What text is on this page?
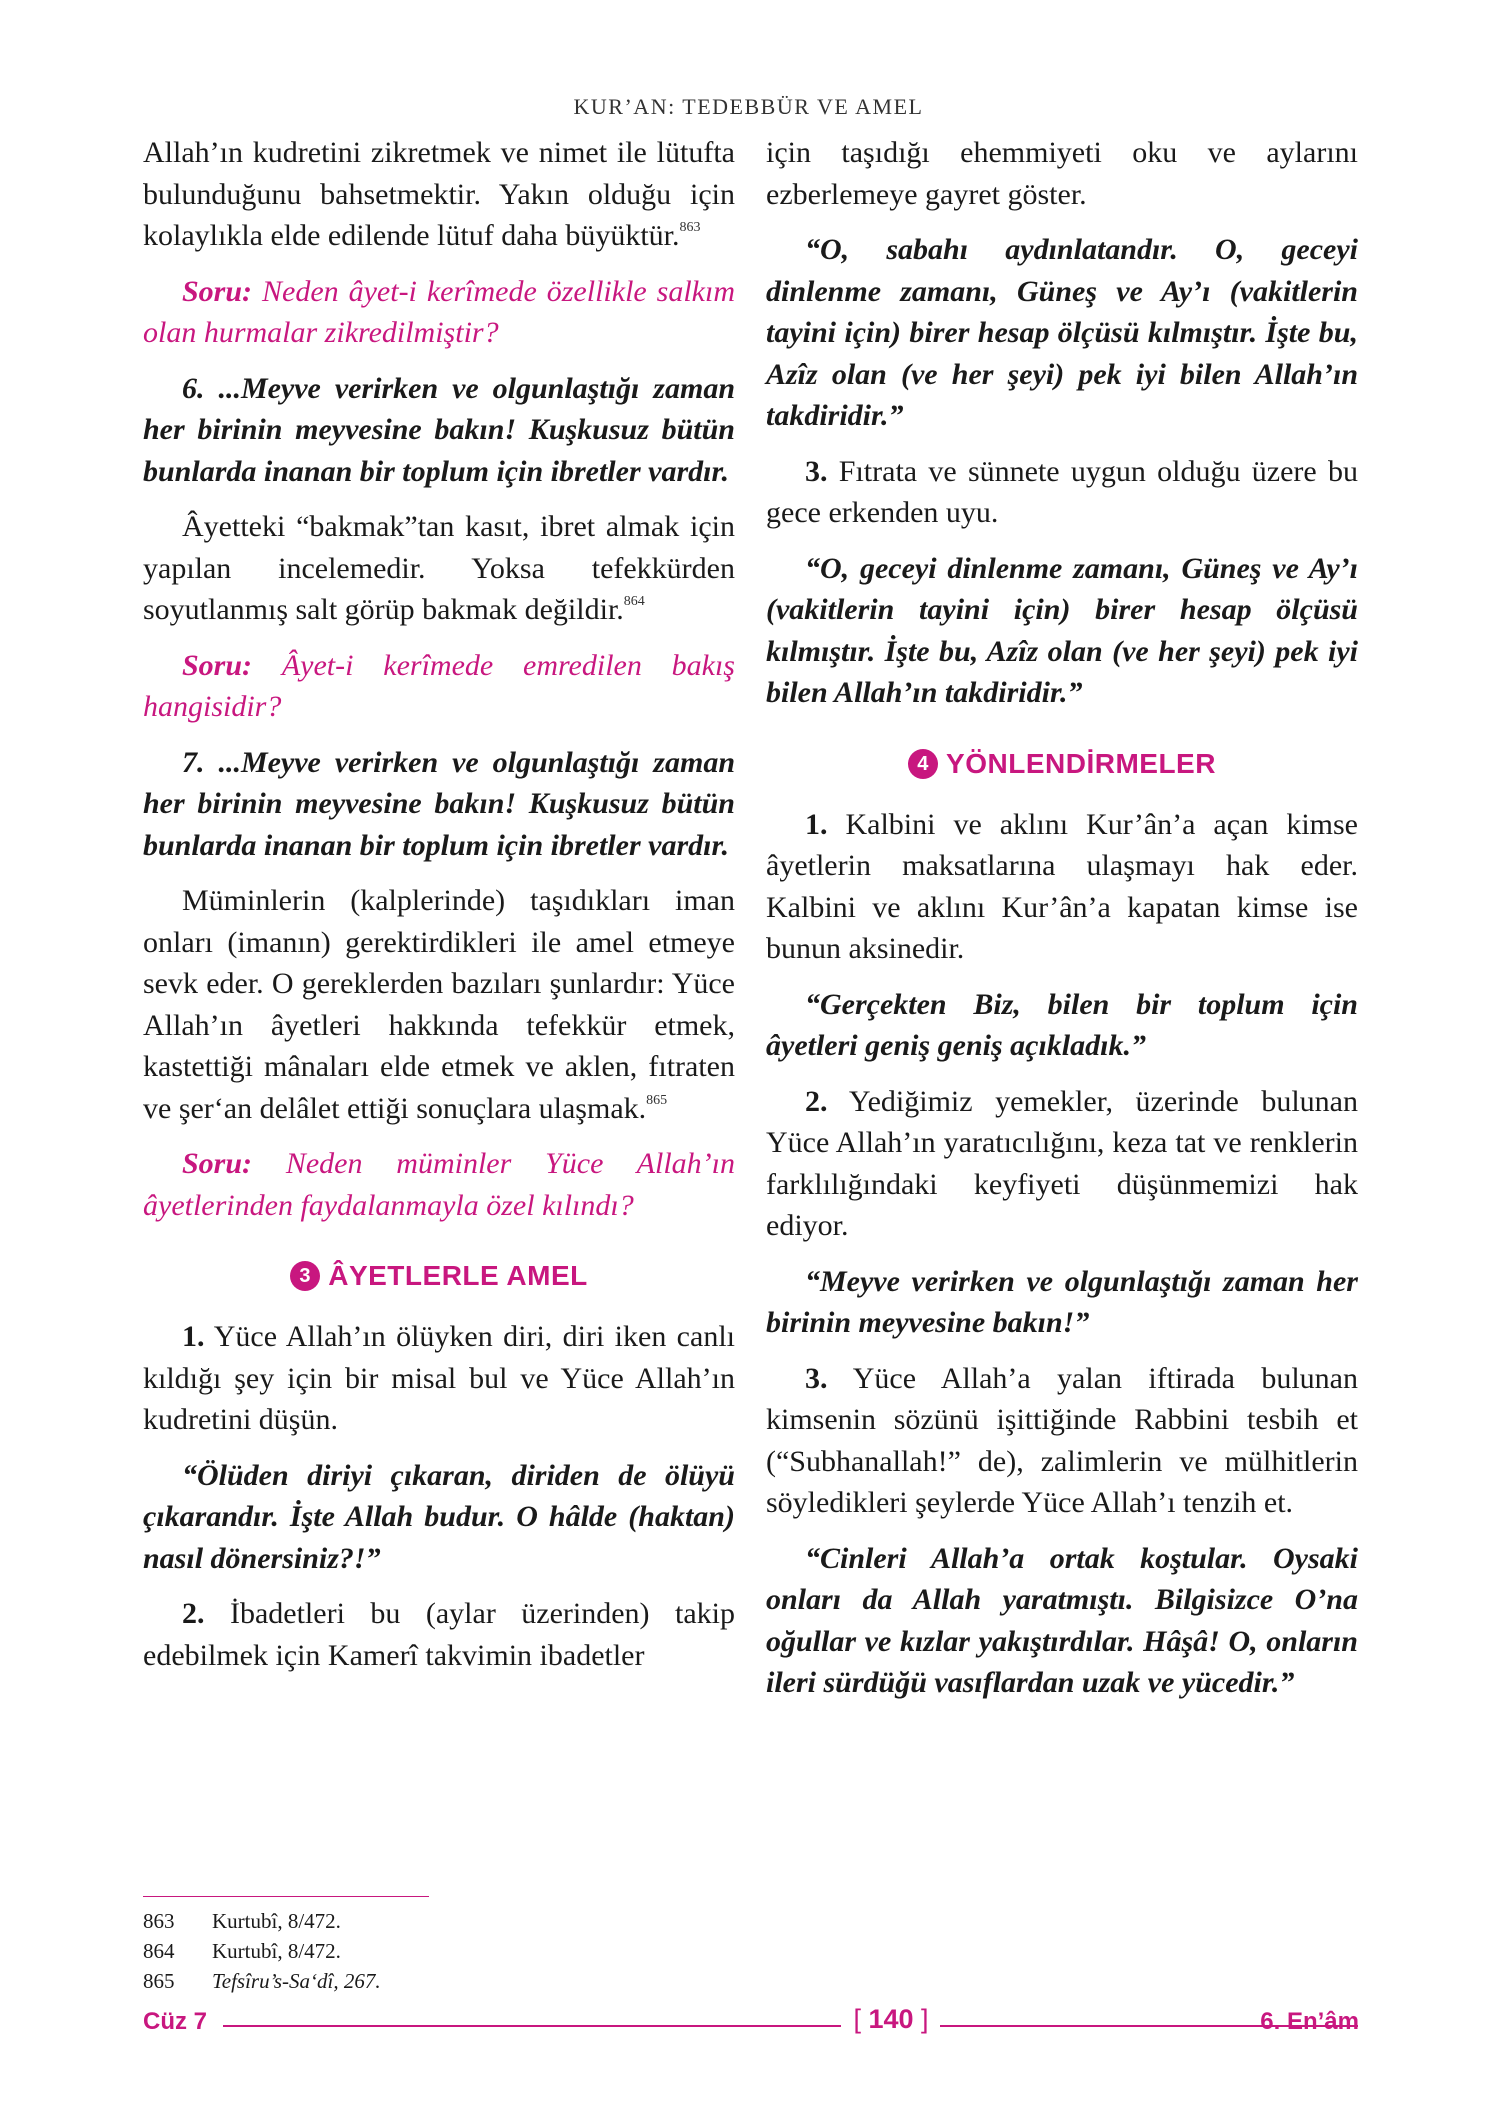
KUR’AN: TEDEBBÜR VE AMEL

Allah’ın kudretini zikretmek ve nimet ile lütufta bulunduğunu bahsetmektir. Yakın olduğu için kolaylıkla elde edilende lütuf daha büyüktür.$^{863}$

Soru: Neden âyet-i kerîmede özellikle salkım olan hurmalar zikredilmiştir?

6. ...Meyve verirken ve olgunlaştığı zaman her birinin meyvesine bakın! Kuşkusuz bütün bunlarda inanan bir toplum için ibretler vardır.

Âyetteki “bakmak”tan kasıt, ibret almak için yapılan incelemedir. Yoksa tefekkürden soyutlanmış salt görüp bakmak değildir.$^{864}$

Soru: Âyet-i kerîmede emredilen bakış hangisidir?

7. ...Meyve verirken ve olgunlaştığı zaman her birinin meyvesine bakın! Kuşkusuz bütün bunlarda inanan bir toplum için ibretler vardır.

Müminlerin (kalplerinde) taşıdıkları iman onları (imanın) gerektirdikleri ile amel etmeye sevk eder. O gereklerden bazıları şunlardır: Yüce Allah’ın âyetleri hakkında tefekkür etmek, kastettiği mânaları elde etmek ve aklen, fıtraten ve şer‘an delâlet ettiği sonuçlara ulaşmak.$^{865}$

Soru: Neden müminler Yüce Allah’ın âyetlerinden faydalanmayla özel kılındı?

3 ÂYETLERLE AMEL

1. Yüce Allah’ın ölüyken diri, diri iken canlı kıldığı şey için bir misal bul ve Yüce Allah’ın kudretini düşün.

“Ölüden diriyi çıkaran, diriden de ölüyü çıkarandır. İşte Allah budur. O hâlde (haktan) nasıl dönersiniz?!”

2. İbadetleri bu (aylar üzerinden) takip edebilmek için Kamerî takvimin ibadetler

için taşıdığı ehemmiyeti oku ve aylarını ezberlemeye gayret göster.

“O, sabahı aydınlatandır. O, geceyi dinlenme zamanı, Güneş ve Ay’ı (vakitlerin tayini için) birer hesap ölçüsü kılmıştır. İşte bu, Azîz olan (ve her şeyi) pek iyi bilen Allah’ın takdiridir.”

3. Fıtrata ve sünnete uygun olduğu üzere bu gece erkenden uyu.

“O, geceyi dinlenme zamanı, Güneş ve Ay’ı (vakitlerin tayini için) birer hesap ölçüsü kılmıştır. İşte bu, Azîz olan (ve her şeyi) pek iyi bilen Allah’ın takdiridir.”

4 YÖNLENDİRMELER

1. Kalbini ve aklını Kur’ân’a açan kimse âyetlerin maksatlarına ulaşmayı hak eder. Kalbini ve aklını Kur’ân’a kapatan kimse ise bunun aksinedir.

“Gerçekten Biz, bilen bir toplum için âyetleri geniş geniş açıkladık.”

2. Yediğimiz yemekler, üzerinde bulunan Yüce Allah’ın yaratıcılığını, keza tat ve renklerin farklılığındaki keyfiyeti düşünmemizi hak ediyor.

“Meyve verirken ve olgunlaştığı zaman her birinin meyvesine bakın!”

3. Yüce Allah’a yalan iftirada bulunan kimsenin sözünü işittiğinde Rabbini tesbih et (“Subhanallah!” de), zalimlerin ve mülhitlerin söyledikleri şeylerde Yüce Allah’ı tenzih et.

“Cinleri Allah’a ortak koştular. Oysaki onları da Allah yaratmıştı. Bilgisizce O’na oğullar ve kızlar yakıştırdılar. Hâşâ! O, onların ileri sürdüğü vasıflardan uzak ve yücedir.”

863	Kurtubî, 8/472.
864	Kurtubî, 8/472.
865	Tefsîru’s-Sa‘dî, 267.
Cüz 7	[ 140 ]	6. En’âm
